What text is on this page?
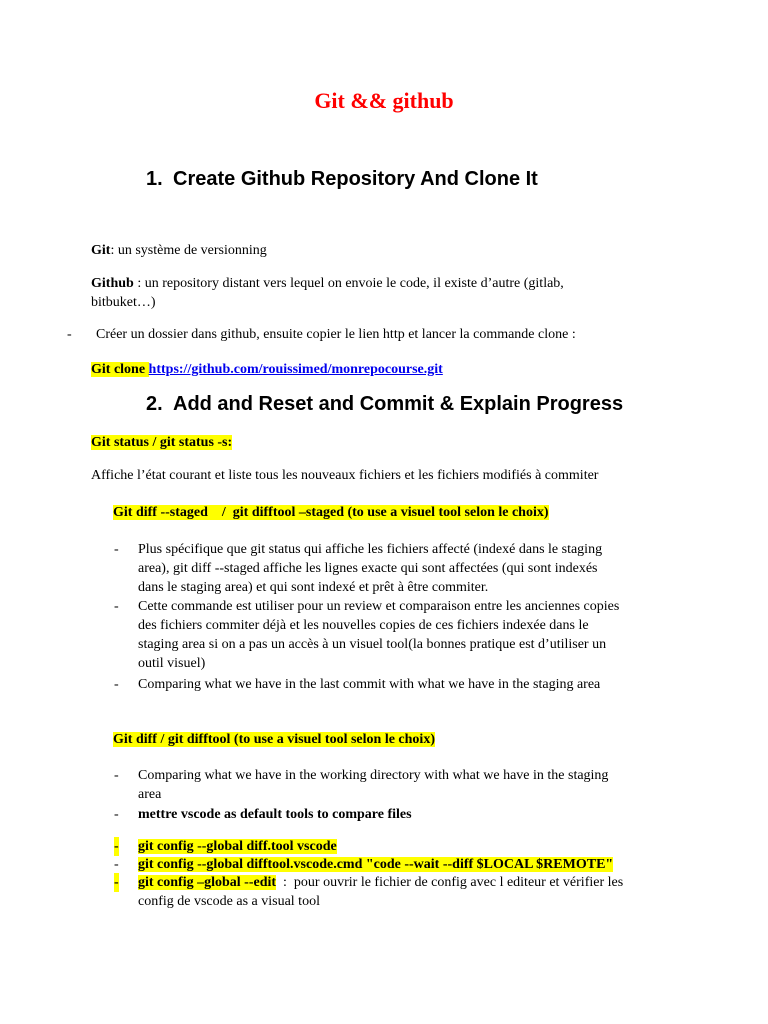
Git && github
1. Create Github Repository And Clone It
Git: un système de versionning
Github : un repository distant vers lequel on envoie le code, il existe d’autre (gitlab,
bitbuket…)
- Créer un dossier dans github, ensuite copier le lien http et lancer la commande clone :
Git clone https://github.com/rouissimed/monrepocourse.git
2. Add and Reset and Commit & Explain Progress
Git status / git status -s:
Affiche l’état courant et liste tous les nouveaux fichiers et les fichiers modifiés à commiter
Git diff --staged    /  git difftool –staged (to use a visuel tool selon le choix)
- Plus spécifique que git status qui affiche les fichiers affecté (indexé dans le staging
area), git diff --staged affiche les lignes exacte qui sont affectées (qui sont indexés
dans le staging area) et qui sont indexé et prêt à être commiter.
- Cette commande est utiliser pour un review et comparaison entre les anciennes copies
des fichiers commiter déjà et les nouvelles copies de ces fichiers indexée dans le
staging area si on a pas un accès à un visuel tool(la bonnes pratique est d’utiliser un
outil visuel)
- Comparing what we have in the last commit with what we have in the staging area
Git diff / git difftool (to use a visuel tool selon le choix)
- Comparing what we have in the working directory with what we have in the staging
area
- mettre vscode as default tools to compare files
- git config --global diff.tool vscode
- git config --global difftool.vscode.cmd "code --wait --diff $LOCAL $REMOTE"
- git config –global --edit  :  pour ouvrir le fichier de config avec l editeur et vérifier les
config de vscode as a visual tool
